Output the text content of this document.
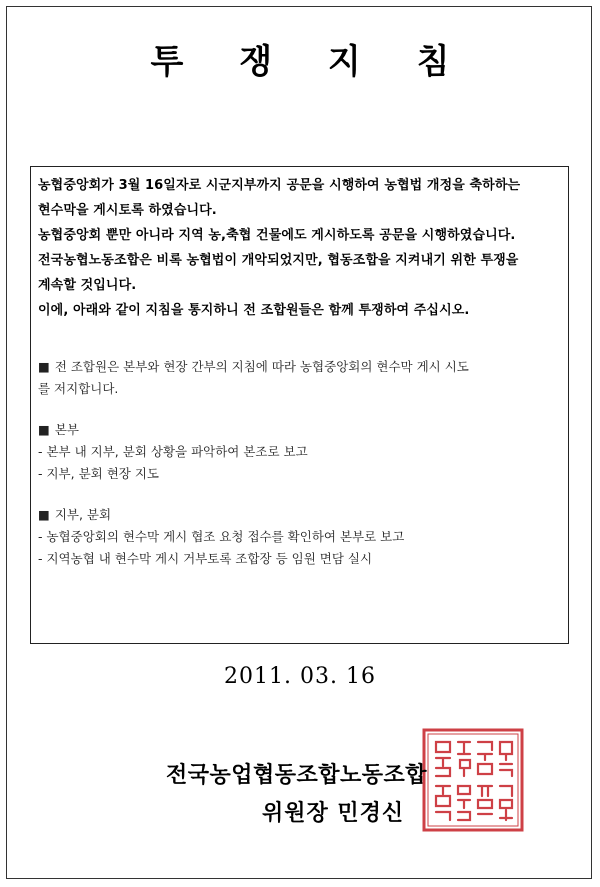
투 쟁 지 침

농협중앙회가 3월 16일자로 시군지부까지 공문을 시행하여 농협법 개정을 축하하는 현수막을 게시토록 하였습니다.

농협중앙회 뿐만 아니라 지역 농,축협 건물에도 게시하도록 공문을 시행하였습니다.

전국농협노동조합은 비록 농협법이 개악되었지만, 협동조합을 지켜내기 위한 투쟁을 계속할 것입니다.

이에, 아래와 같이 지침을 통지하니 전 조합원들은 함께 투쟁하여 주십시오.

■ 전 조합원은 본부와 현장 간부의 지침에 따라 농협중앙회의 현수막 게시 시도

를 저지합니다.

■ 본부

- 본부 내 지부, 분회 상황을 파악하여 본조로 보고

- 지부, 분회 현장 지도

■ 지부, 분회

- 농협중앙회의 현수막 게시 협조 요청 접수를 확인하여 본부로 보고

- 지역농협 내 현수막 게시 거부토록 조합장 등 임원 면담 실시

2011. 03. 16
전국농업협동조합노동조합
위원장 민경신
